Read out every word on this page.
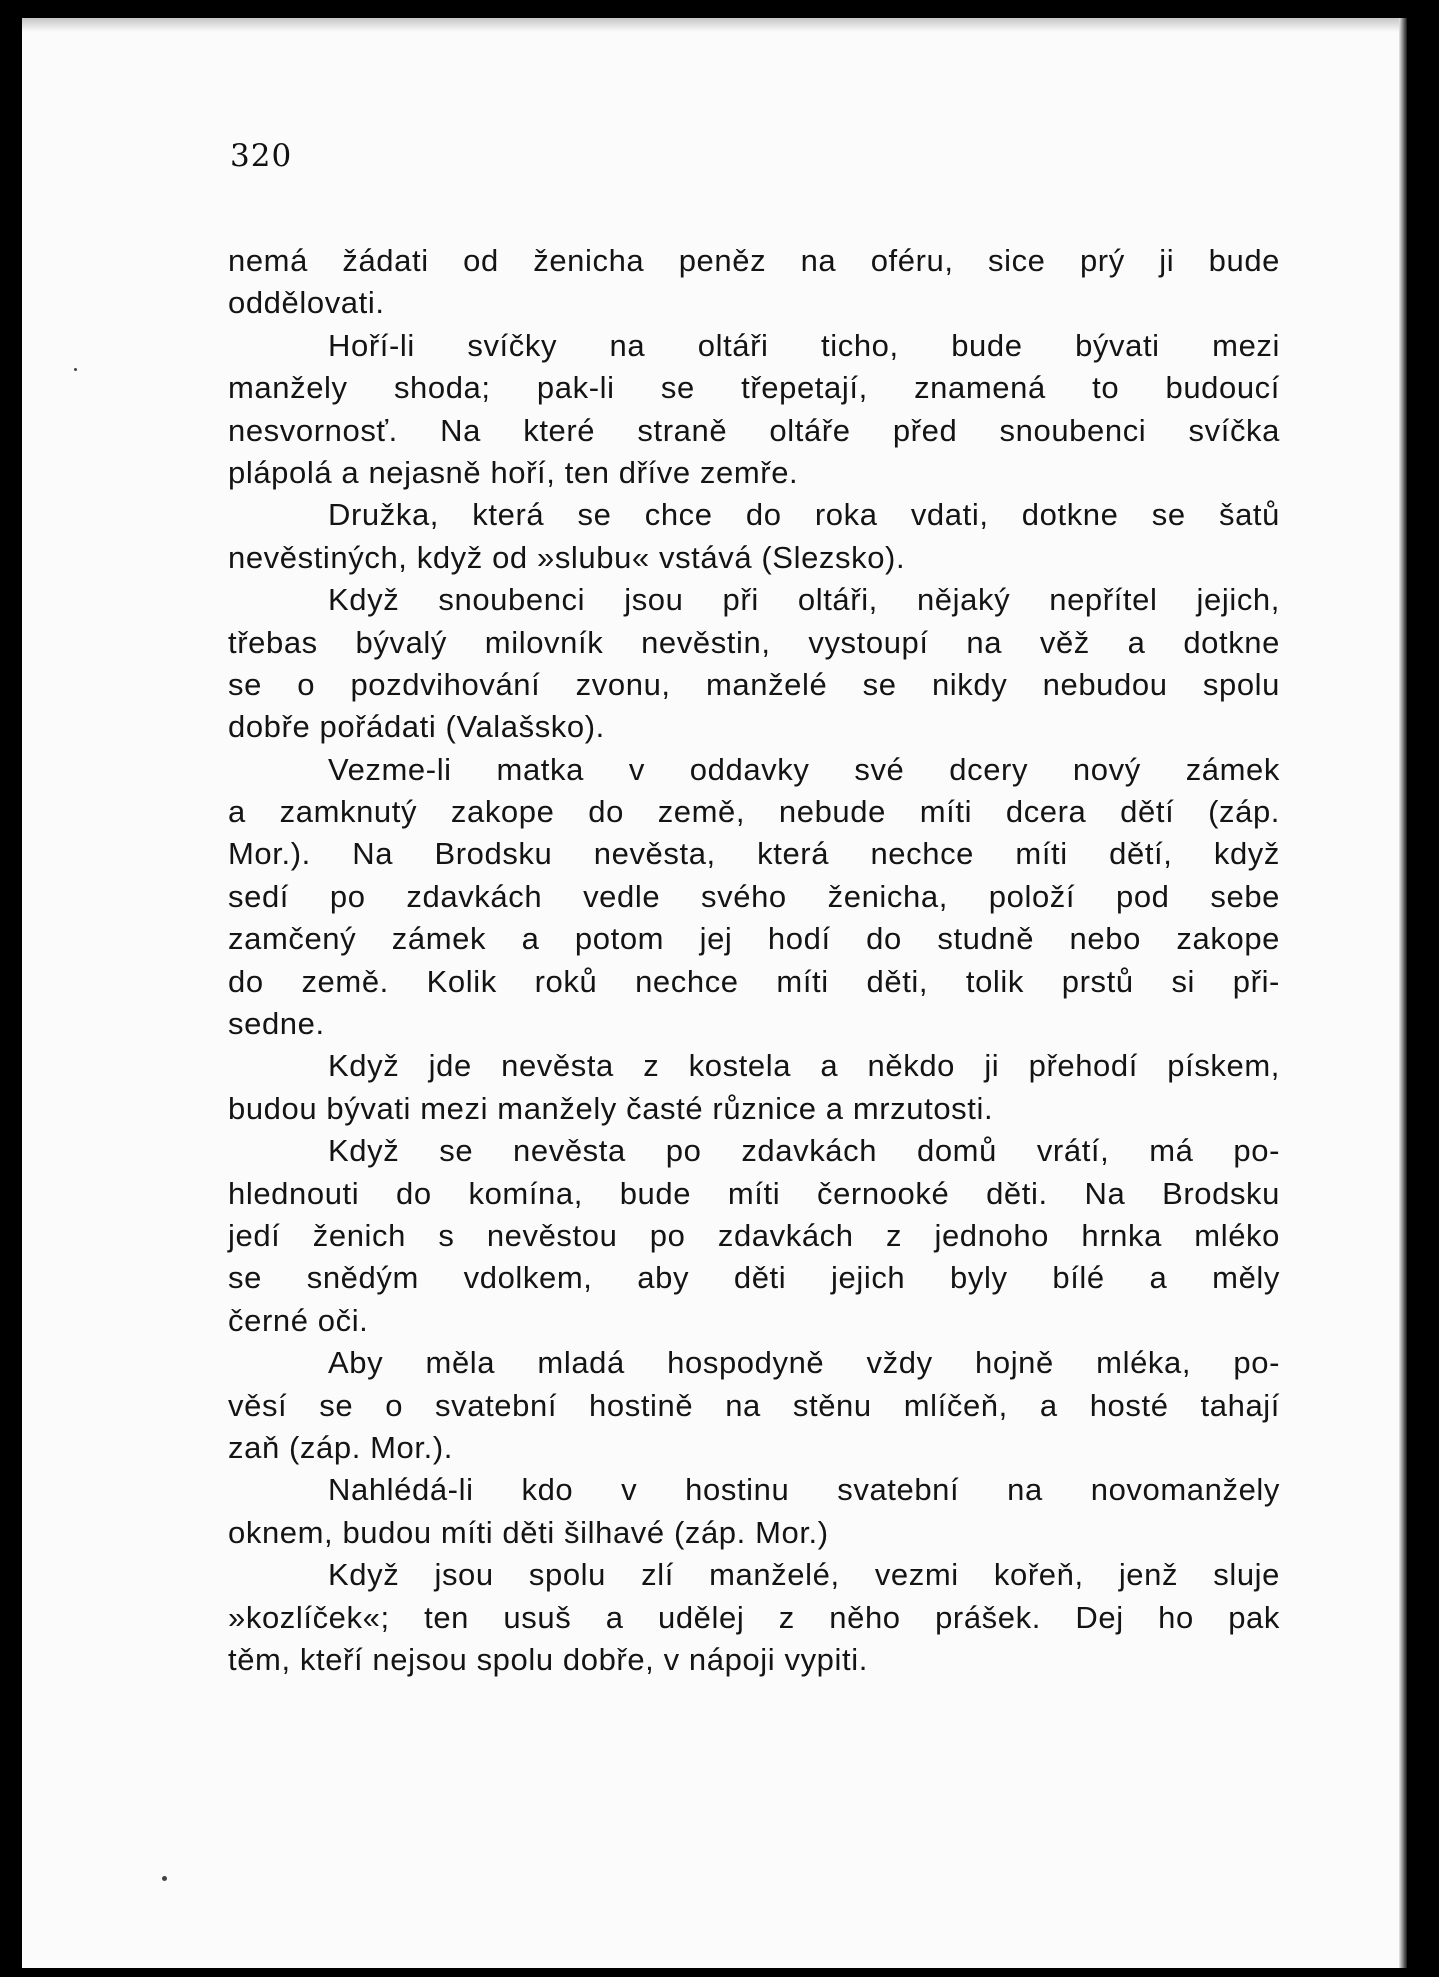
320
nemá žádati od ženicha peněz na oféru, sice prý ji bude
oddělovati.
Hoří-li svíčky na oltáři ticho, bude bývati mezi
manžely shoda; pak-li se třepetají, znamená to budoucí
nesvornosť. Na které straně oltáře před snoubenci svíčka
plápolá a nejasně hoří, ten dříve zemře.
Družka, která se chce do roka vdati, dotkne se šatů
nevěstiných, když od »slubu« vstává (Slezsko).
Když snoubenci jsou při oltáři, nějaký nepřítel jejich,
třebas bývalý milovník nevěstin, vystoupí na věž a dotkne
se o pozdvihování zvonu, manželé se nikdy nebudou spolu
dobře pořádati (Valašsko).
Vezme-li matka v oddavky své dcery nový zámek
a zamknutý zakope do země, nebude míti dcera dětí (záp.
Mor.). Na Brodsku nevěsta, která nechce míti dětí, když
sedí po zdavkách vedle svého ženicha, položí pod sebe
zamčený zámek a potom jej hodí do studně nebo zakope
do země. Kolik roků nechce míti děti, tolik prstů si při-
sedne.
Když jde nevěsta z kostela a někdo ji přehodí pískem,
budou bývati mezi manžely časté různice a mrzutosti.
Když se nevěsta po zdavkách domů vrátí, má po-
hlednouti do komína, bude míti černooké děti. Na Brodsku
jedí ženich s nevěstou po zdavkách z jednoho hrnka mléko
se snědým vdolkem, aby děti jejich byly bílé a měly
černé oči.
Aby měla mladá hospodyně vždy hojně mléka, po-
věsí se o svatební hostině na stěnu mlíčeň, a hosté tahají
zaň (záp. Mor.).
Nahlédá-li kdo v hostinu svatební na novomanžely
oknem, budou míti děti šilhavé (záp. Mor.)
Když jsou spolu zlí manželé, vezmi kořeň, jenž sluje
»kozlíček«; ten usuš a udělej z něho prášek. Dej ho pak
těm, kteří nejsou spolu dobře, v nápoji vypiti.
